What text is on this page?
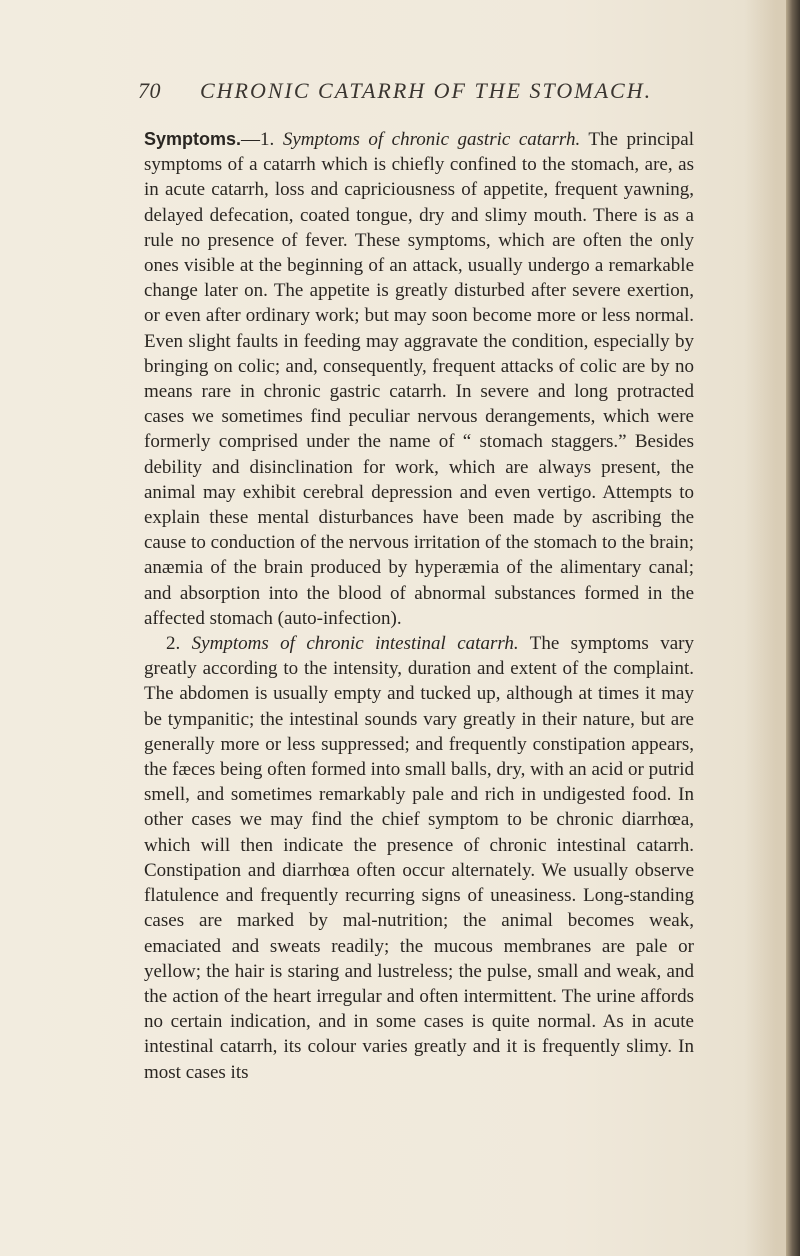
70 CHRONIC CATARRH OF THE STOMACH.

Symptoms.—1. Symptoms of chronic gastric catarrh. The principal symptoms of a catarrh which is chiefly confined to the stomach, are, as in acute catarrh, loss and capriciousness of appetite, frequent yawning, delayed defecation, coated tongue, dry and slimy mouth. There is as a rule no presence of fever. These symptoms, which are often the only ones visible at the beginning of an attack, usually undergo a remarkable change later on. The appetite is greatly disturbed after severe exertion, or even after ordinary work; but may soon become more or less normal. Even slight faults in feeding may aggravate the condition, especially by bringing on colic; and, consequently, frequent attacks of colic are by no means rare in chronic gastric catarrh. In severe and long protracted cases we sometimes find peculiar nervous derangements, which were formerly comprised under the name of “ stomach staggers.” Besides debility and disinclination for work, which are always present, the animal may exhibit cerebral depression and even vertigo. Attempts to explain these mental disturbances have been made by ascribing the cause to conduction of the nervous irritation of the stomach to the brain; anæmia of the brain produced by hyperæmia of the alimentary canal; and absorption into the blood of abnormal substances formed in the affected stomach (auto-infection).

2. Symptoms of chronic intestinal catarrh. The symptoms vary greatly according to the intensity, duration and extent of the complaint. The abdomen is usually empty and tucked up, although at times it may be tympanitic; the intestinal sounds vary greatly in their nature, but are generally more or less suppressed; and frequently constipation appears, the fæces being often formed into small balls, dry, with an acid or putrid smell, and sometimes remarkably pale and rich in undigested food. In other cases we may find the chief symptom to be chronic diarrhœa, which will then indicate the presence of chronic intestinal catarrh. Constipation and diarrhœa often occur alternately. We usually observe flatulence and frequently recurring signs of uneasiness. Long-standing cases are marked by mal-nutrition; the animal becomes weak, emaciated and sweats readily; the mucous membranes are pale or yellow; the hair is staring and lustreless; the pulse, small and weak, and the action of the heart irregular and often intermittent. The urine affords no certain indication, and in some cases is quite normal. As in acute intestinal catarrh, its colour varies greatly and it is frequently slimy. In most cases its
